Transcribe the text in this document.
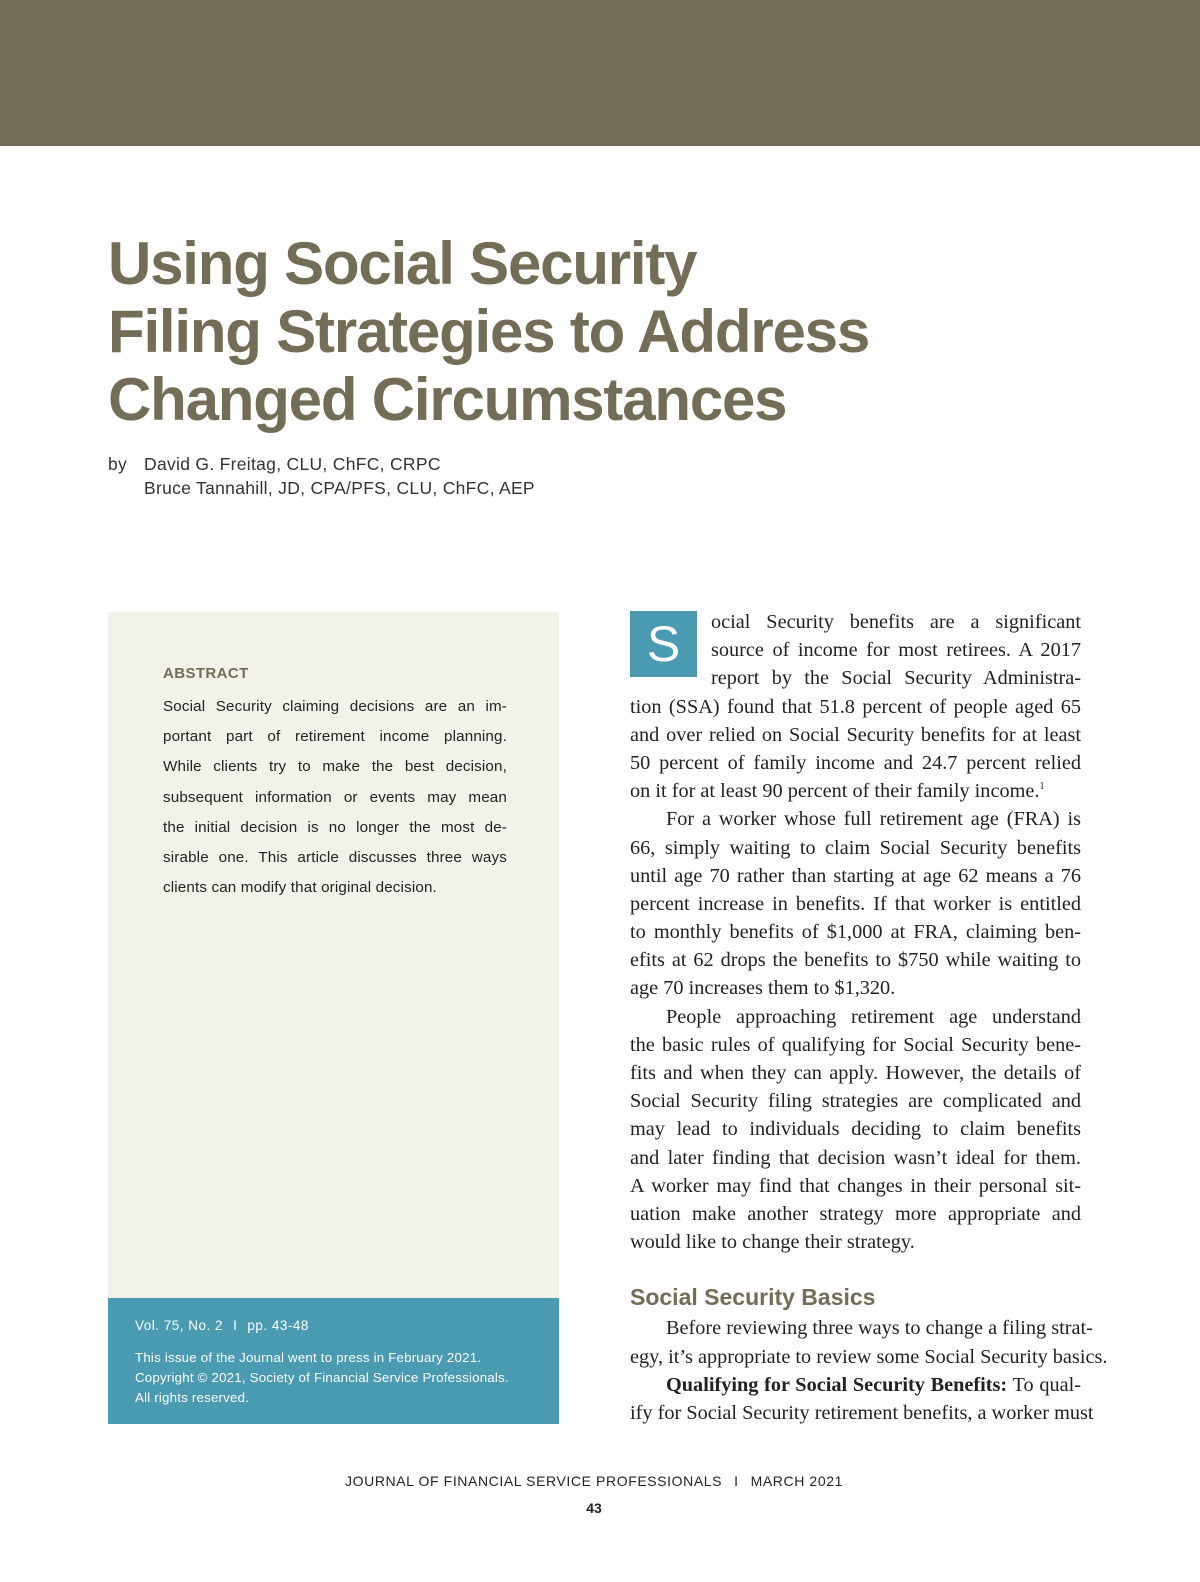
Using Social Security
Filing Strategies to Address
Changed Circumstances
by David G. Freitag, CLU, ChFC, CRPC
Bruce Tannahill, JD, CPA/PFS, CLU, ChFC, AEP
ABSTRACT
Social Security claiming decisions are an im-
portant part of retirement income planning.
While clients try to make the best decision,
subsequent information or events may mean
the initial decision is no longer the most de-
sirable one. This article discusses three ways
clients can modify that original decision.
Vol. 75, No. 2 I pp. 43-48
This issue of the Journal went to press in February 2021.
Copyright © 2021, Society of Financial Service Professionals.
All rights reserved.
S	ocial Security benefits are a significant
source of income for most retirees. A 2017
report by the Social Security Administra-
tion (SSA) found that 51.8 percent of people aged 65
and over relied on Social Security benefits for at least
50 percent of family income and 24.7 percent relied
on it for at least 90 percent of their family income.$^1$
For a worker whose full retirement age (FRA) is
66, simply waiting to claim Social Security benefits
until age 70 rather than starting at age 62 means a 76
percent increase in benefits. If that worker is entitled
to monthly benefits of $1,000 at FRA, claiming ben-
efits at 62 drops the benefits to $750 while waiting to
age 70 increases them to $1,320.
People approaching retirement age understand
the basic rules of qualifying for Social Security bene-
fits and when they can apply. However, the details of
Social Security filing strategies are complicated and
may lead to individuals deciding to claim benefits
and later finding that decision wasn’t ideal for them.
A worker may find that changes in their personal sit-
uation make another strategy more appropriate and
would like to change their strategy.
Social Security Basics
Before reviewing three ways to change a filing strat-
egy, it’s appropriate to review some Social Security basics.
Qualifying for Social Security Benefits: To qual-
ify for Social Security retirement benefits, a worker must
JOURNAL OF FINANCIAL SERVICE PROFESSIONALS I MARCH 2021
43
